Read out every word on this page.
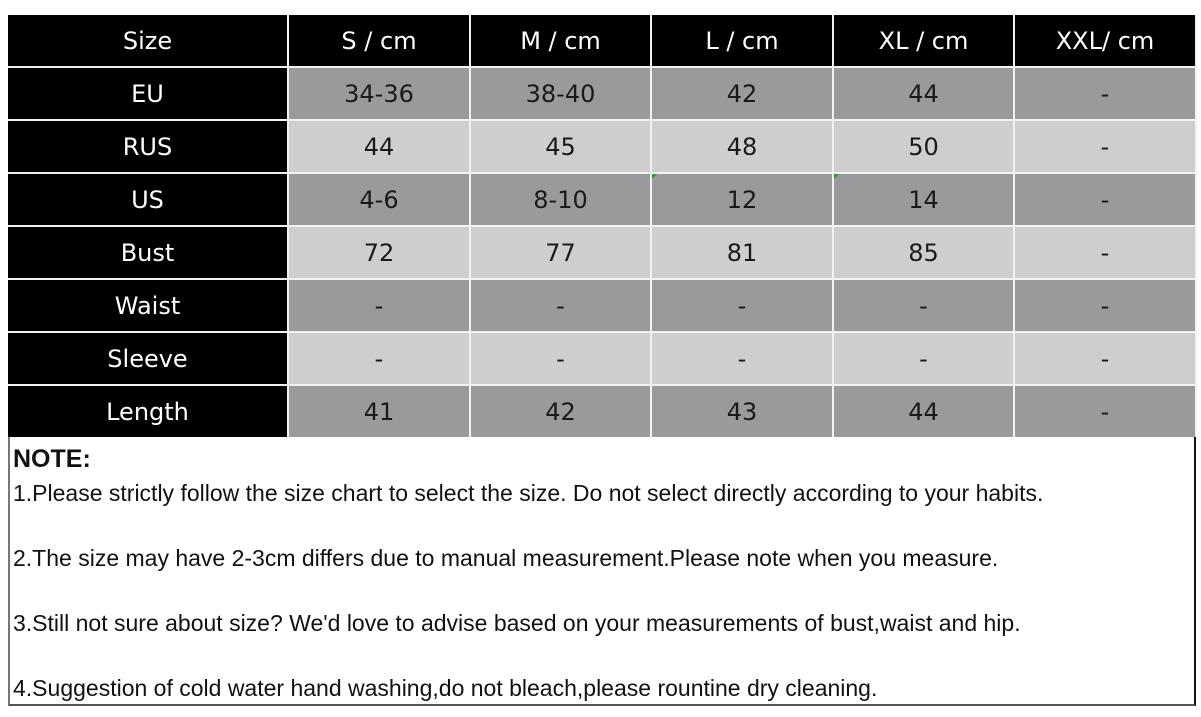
Size	S / cm	M / cm	L / cm	XL / cm	XXL/ cm
EU	34-36	38-40	42	44	-
RUS	44	45	48	50	-
US	4-6	8-10	12	14	-
Bust	72	77	81	85	-
Waist	-	-	-	-	-
Sleeve	-	-	-	-	-
Length	41	42	43	44	-
NOTE:
1.Please strictly follow the size chart to select the size. Do not select directly according to your habits.
2.The size may have 2-3cm differs due to manual measurement.Please note when you measure.
3.Still not sure about size? We'd love to advise based on your measurements of bust,waist and hip.
4.Suggestion of cold water hand washing,do not bleach,please rountine dry cleaning.
